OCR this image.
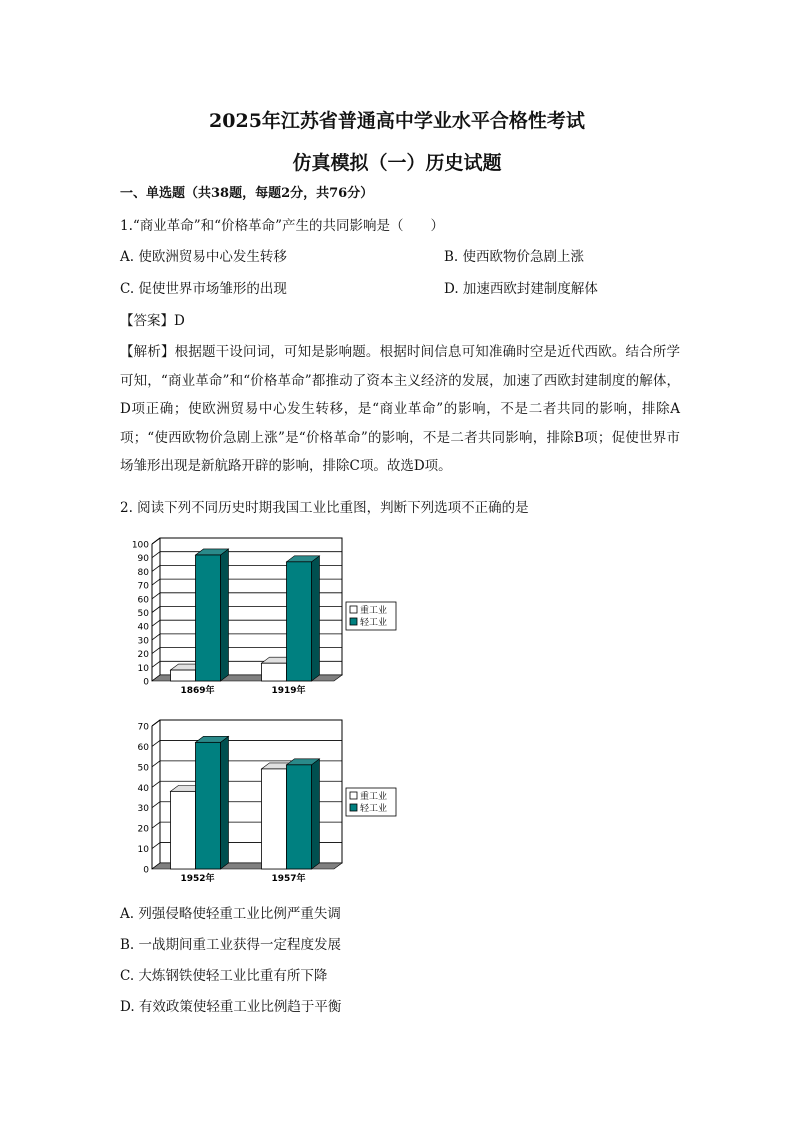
2025年江苏省普通高中学业水平合格性考试
仿真模拟（一）历史试题
一、单选题（共38题，每题2分，共76分）
1.“商业革命”和“价格革命”产生的共同影响是（　　）
A. 使欧洲贸易中心发生转移	B. 使西欧物价急剧上涨
C. 促使世界市场雏形的出现	D. 加速西欧封建制度解体
【答案】D
【解析】根据题干设问词，可知是影响题。根据时间信息可知准确时空是近代西欧。结合所学可知，“商业革命”和“价格革命”都推动了资本主义经济的发展，加速了西欧封建制度的解体，D项正确；使欧洲贸易中心发生转移，是“商业革命”的影响，不是二者共同的影响，排除A项；“使西欧物价急剧上涨”是“价格革命”的影响，不是二者共同影响，排除B项；促使世界市场雏形出现是新航路开辟的影响，排除C项。故选D项。
2. 阅读下列不同历史时期我国工业比重图，判断下列选项不正确的是
0
10
20
30
40
50
60
70
80
90
100
1869年	1919年
重工业
轻工业
0
10
20
30
40
50
60
70
1952年	1957年
重工业
轻工业
A. 列强侵略使轻重工业比例严重失调
B. 一战期间重工业获得一定程度发展
C. 大炼钢铁使轻工业比重有所下降
D. 有效政策使轻重工业比例趋于平衡
